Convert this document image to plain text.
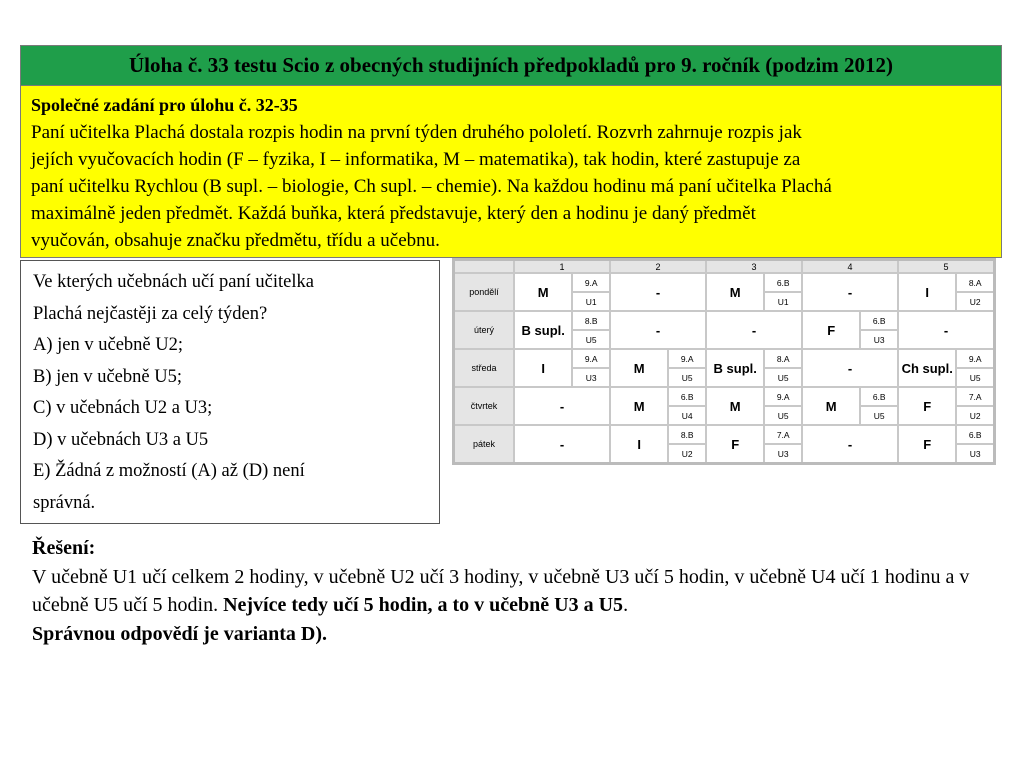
Úloha č. 33 testu Scio z obecných studijních předpokladů pro 9. ročník (podzim 2012)
Společné zadání pro úlohu č. 32-35
Paní učitelka Plachá dostala rozpis hodin na první týden druhého pololetí. Rozvrh zahrnuje rozpis jak
jejích vyučovacích hodin (F – fyzika, I – informatika, M – matematika), tak hodin, které zastupuje za
paní učitelku Rychlou (B supl. – biologie, Ch supl. – chemie). Na každou hodinu má paní učitelka Plachá
maximálně jeden předmět. Každá buňka, která představuje, který den a hodinu je daný předmět
vyučován, obsahuje značku předmětu, třídu a učebnu.
Ve kterých učebnách učí paní učitelka
Plachá nejčastěji za celý týden?
A) jen v učebně U2;
B) jen v učebně U5;
C) v učebnách U2 a U3;
D) v učebnách U3 a U5
E) Žádná z možností (A) až (D) není
správná.
	1		2		3		4		5	
pondělí	M	9.A	-		M	6.B	-		I	8.A
		U1				U1				U2
úterý	B supl.	8.B	-		-		F	6.B	-	
		U5						U3		
středa	I	9.A	M	9.A	B supl.	8.A	-		Ch supl.	9.A
		U3		U5		U5				U5
čtvrtek	-		M	6.B	M	9.A	M	6.B	F	7.A
				U4		U5		U5		U2
pátek	-		I	8.B	F	7.A	-		F	6.B
				U2		U3				U3
Řešení:
V učebně U1 učí celkem 2 hodiny, v učebně U2 učí 3 hodiny, v učebně U3 učí 5 hodin, v učebně U4 učí 1 hodinu a v učebně U5 učí 5 hodin. Nejvíce tedy učí 5 hodin, a to v učebně U3 a U5.
Správnou odpovědí je varianta D).
